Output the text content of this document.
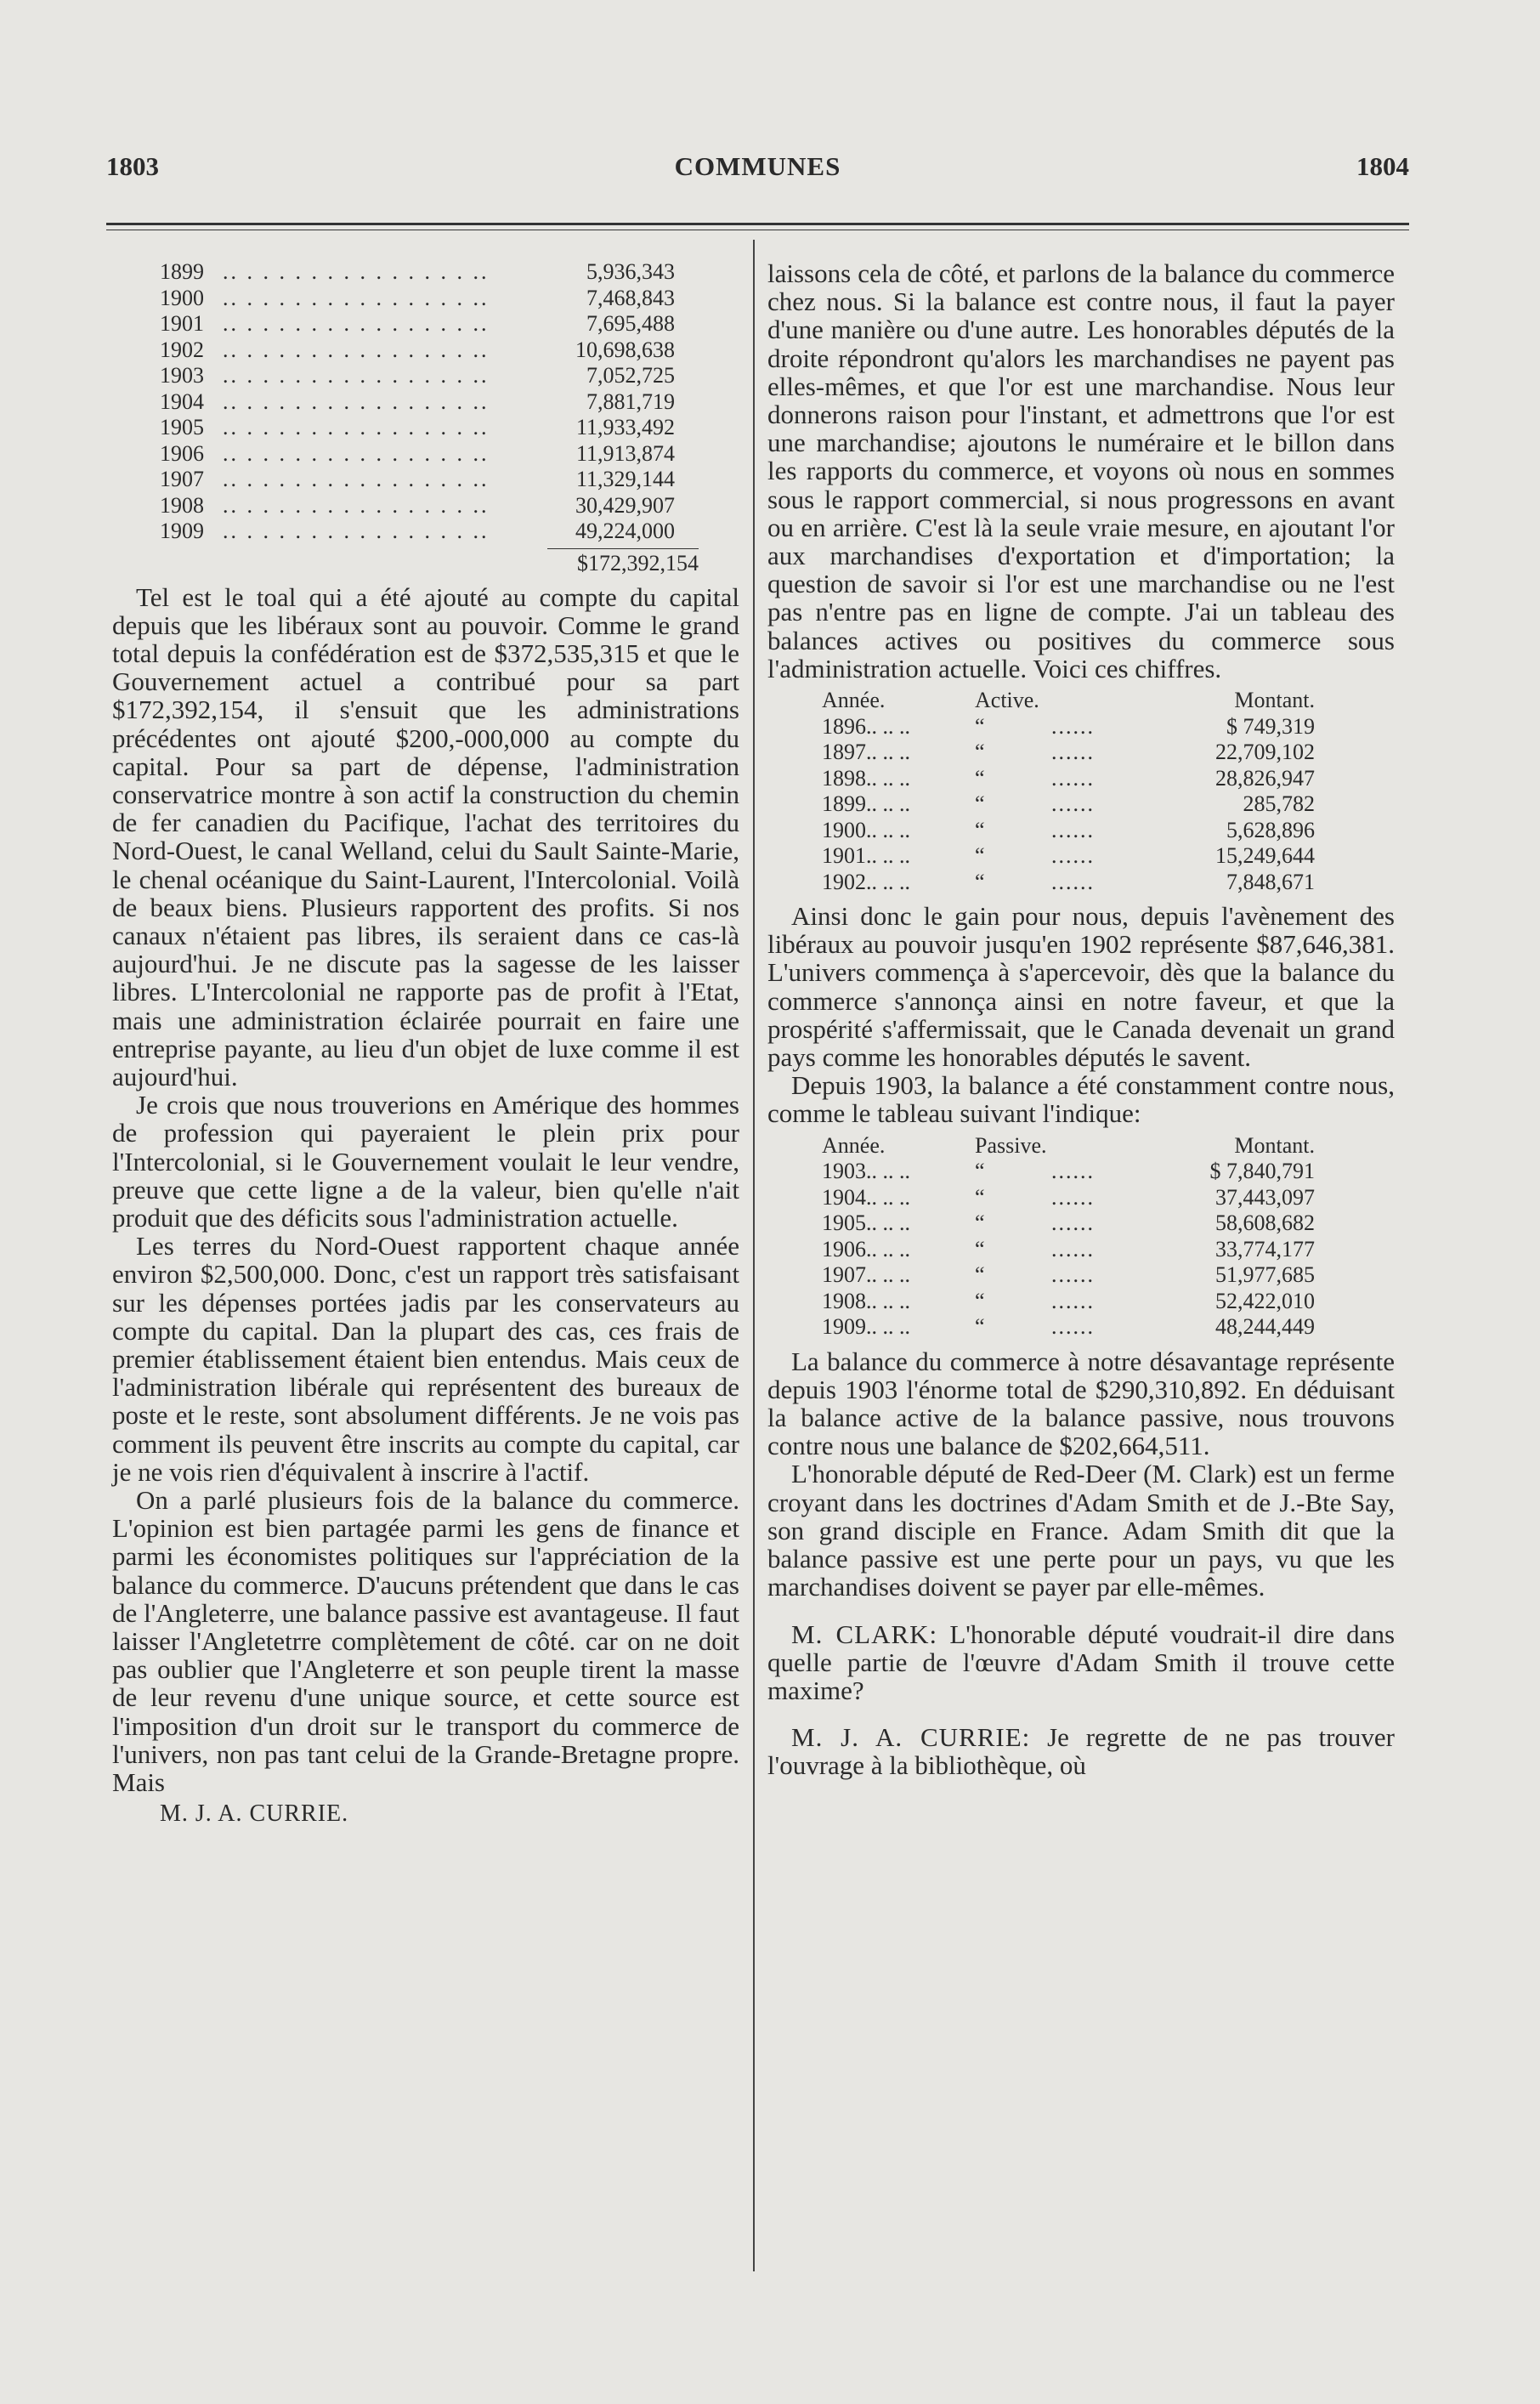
1803	COMMUNES	1804
1899	.. . . . . . . . . . . . . . . ..	5,936,343
1900	.. . . . . . . . . . . . . . . ..	7,468,843
1901	.. . . . . . . . . . . . . . . ..	7,695,488
1902	.. . . . . . . . . . . . . . . ..	10,698,638
1903	.. . . . . . . . . . . . . . . ..	7,052,725
1904	.. . . . . . . . . . . . . . . ..	7,881,719
1905	.. . . . . . . . . . . . . . . ..	11,933,492
1906	.. . . . . . . . . . . . . . . ..	11,913,874
1907	.. . . . . . . . . . . . . . . ..	11,329,144
1908	.. . . . . . . . . . . . . . . ..	30,429,907
1909	.. . . . . . . . . . . . . . . ..	49,224,000
$172,392,154

Tel est le toal qui a été ajouté au compte du capital depuis que les libéraux sont au pouvoir. Comme le grand total depuis la confédération est de $372,535,315 et que le Gouvernement actuel a contribué pour sa part $172,392,154, il s'ensuit que les administrations précédentes ont ajouté $200,-000,000 au compte du capital. Pour sa part de dépense, l'administration conservatrice montre à son actif la construction du chemin de fer canadien du Pacifique, l'achat des territoires du Nord-Ouest, le canal Welland, celui du Sault Sainte-Marie, le chenal océanique du Saint-Laurent, l'Intercolonial. Voilà de beaux biens. Plusieurs rapportent des profits. Si nos canaux n'étaient pas libres, ils seraient dans ce cas-là aujourd'hui. Je ne discute pas la sagesse de les laisser libres. L'Intercolonial ne rapporte pas de profit à l'Etat, mais une administration éclairée pourrait en faire une entreprise payante, au lieu d'un objet de luxe comme il est aujourd'hui.

Je crois que nous trouverions en Amérique des hommes de profession qui payeraient le plein prix pour l'Intercolonial, si le Gouvernement voulait le leur vendre, preuve que cette ligne a de la valeur, bien qu'elle n'ait produit que des déficits sous l'administration actuelle.

Les terres du Nord-Ouest rapportent chaque année environ $2,500,000. Donc, c'est un rapport très satisfaisant sur les dépenses portées jadis par les conservateurs au compte du capital. Dan la plupart des cas, ces frais de premier établissement étaient bien entendus. Mais ceux de l'administration libérale qui représentent des bureaux de poste et le reste, sont absolument différents. Je ne vois pas comment ils peuvent être inscrits au compte du capital, car je ne vois rien d'équivalent à inscrire à l'actif.

On a parlé plusieurs fois de la balance du commerce. L'opinion est bien partagée parmi les gens de finance et parmi les économistes politiques sur l'appréciation de la balance du commerce. D'aucuns prétendent que dans le cas de l'Angleterre, une balance passive est avantageuse. Il faut laisser l'Angletetrre complètement de côté. car on ne doit pas oublier que l'Angleterre et son peuple tirent la masse de leur revenu d'une unique source, et cette source est l'imposition d'un droit sur le transport du commerce de l'univers, non pas tant celui de la Grande-Bretagne propre. Mais

M. J. A. CURRIE.

laissons cela de côté, et parlons de la balance du commerce chez nous. Si la balance est contre nous, il faut la payer d'une manière ou d'une autre. Les honorables députés de la droite répondront qu'alors les marchandises ne payent pas elles-mêmes, et que l'or est une marchandise. Nous leur donnerons raison pour l'instant, et admettrons que l'or est une marchandise; ajoutons le numéraire et le billon dans les rapports du commerce, et voyons où nous en sommes sous le rapport commercial, si nous progressons en avant ou en arrière. C'est là la seule vraie mesure, en ajoutant l'or aux marchandises d'exportation et d'importation; la question de savoir si l'or est une marchandise ou ne l'est pas n'entre pas en ligne de compte. J'ai un tableau des balances actives ou positives du commerce sous l'administration actuelle. Voici ces chiffres.

Année.	Active.		Montant.
1896.. .. ..	“	......	$ 749,319
1897.. .. ..	“	......	22,709,102
1898.. .. ..	“	......	28,826,947
1899.. .. ..	“	......	285,782
1900.. .. ..	“	......	5,628,896
1901.. .. ..	“	......	15,249,644
1902.. .. ..	“	......	7,848,671

Ainsi donc le gain pour nous, depuis l'avènement des libéraux au pouvoir jusqu'en 1902 représente $87,646,381. L'univers commença à s'apercevoir, dès que la balance du commerce s'annonça ainsi en notre faveur, et que la prospérité s'affermissait, que le Canada devenait un grand pays comme les honorables députés le savent.

Depuis 1903, la balance a été constamment contre nous, comme le tableau suivant l'indique:

Année.	Passive.		Montant.
1903.. .. ..	“	......	$ 7,840,791
1904.. .. ..	“	......	37,443,097
1905.. .. ..	“	......	58,608,682
1906.. .. ..	“	......	33,774,177
1907.. .. ..	“	......	51,977,685
1908.. .. ..	“	......	52,422,010
1909.. .. ..	“	......	48,244,449

La balance du commerce à notre désavantage représente depuis 1903 l'énorme total de $290,310,892. En déduisant la balance active de la balance passive, nous trouvons contre nous une balance de $202,664,511.

L'honorable député de Red-Deer (M. Clark) est un ferme croyant dans les doctrines d'Adam Smith et de J.-Bte Say, son grand disciple en France. Adam Smith dit que la balance passive est une perte pour un pays, vu que les marchandises doivent se payer par elle-mêmes.

M. CLARK: L'honorable député voudrait-il dire dans quelle partie de l'œuvre d'Adam Smith il trouve cette maxime?

M. J. A. CURRIE: Je regrette de ne pas trouver l'ouvrage à la bibliothèque, où
